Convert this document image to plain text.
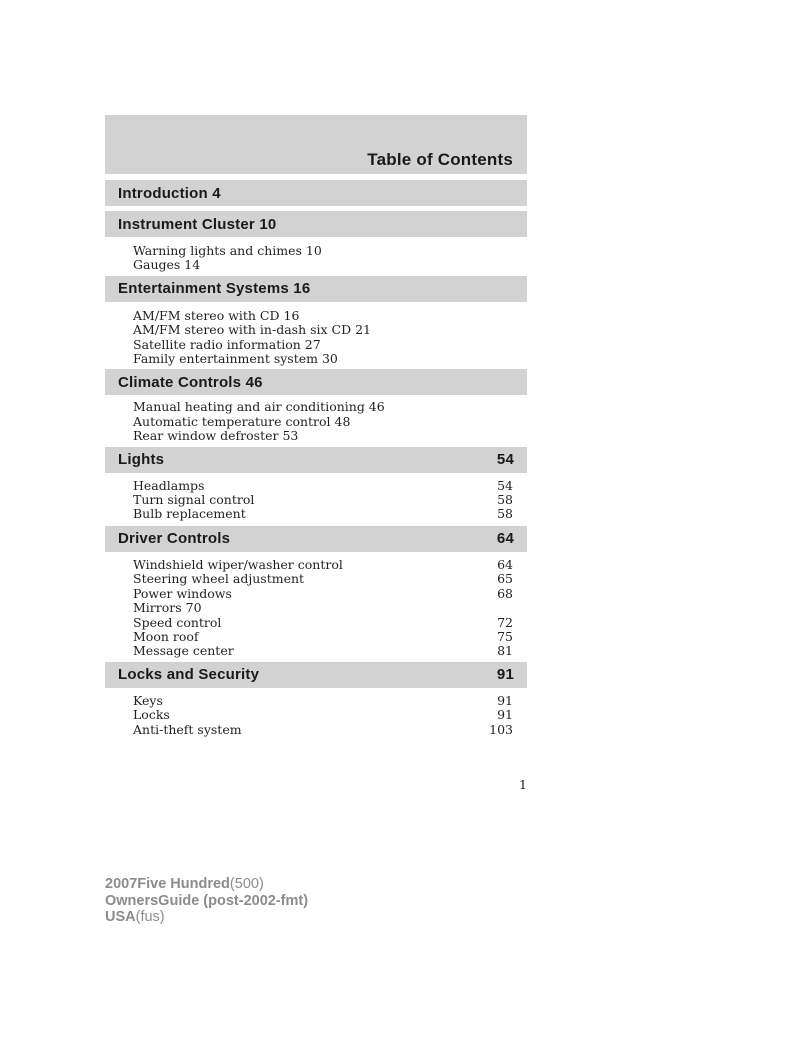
Table of Contents
Introduction 4
Instrument Cluster 10
Warning lights and chimes 10
Gauges 14
Entertainment Systems 16
AM/FM stereo with CD 16
AM/FM stereo with in-dash six CD 21
Satellite radio information 27
Family entertainment system 30
Climate Controls 46
Manual heating and air conditioning 46
Automatic temperature control 48
Rear window defroster 53
Lights	54
Headlamps	54
Turn signal control	58
Bulb replacement	58
Driver Controls	64
Windshield wiper/washer control	64
Steering wheel adjustment	65
Power windows	68
Mirrors 70
Speed control	72
Moon roof	75
Message center	81
Locks and Security	91
Keys	91
Locks	91
Anti-theft system	103
1
2007Five Hundred(500)
OwnersGuide (post-2002-fmt)
USA(fus)
